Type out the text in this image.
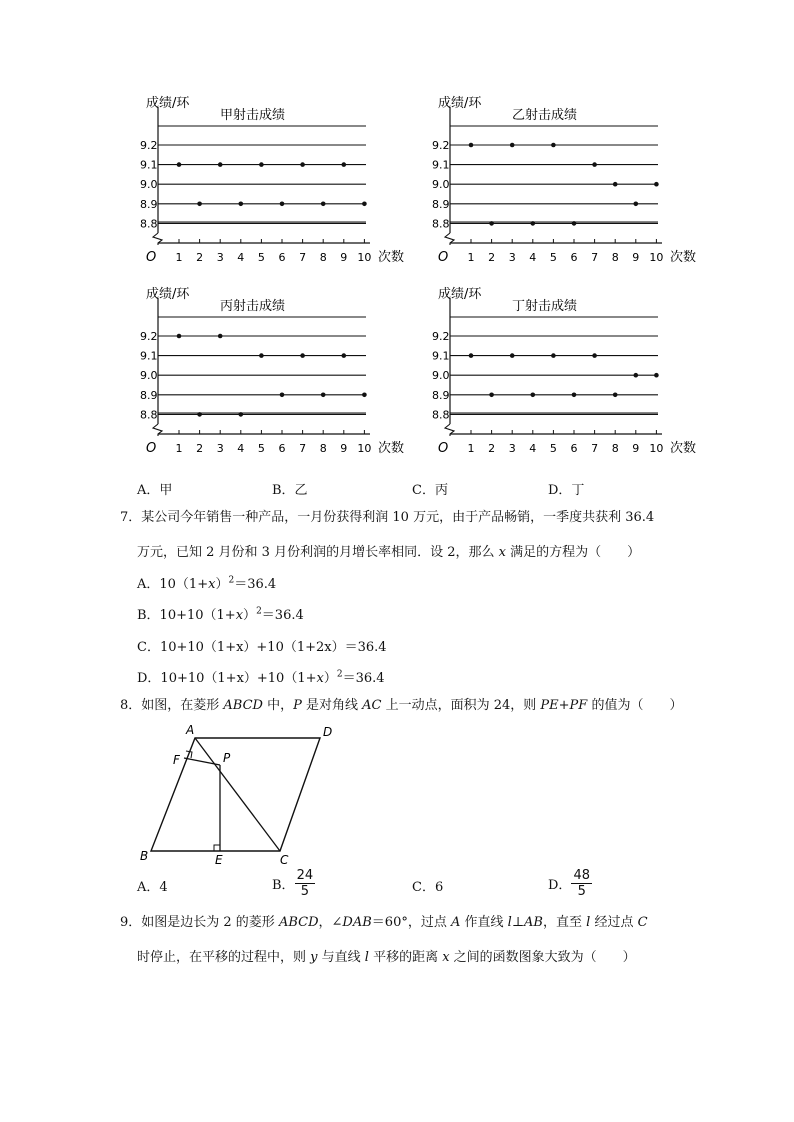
甲射击成绩
成绩/环
9.2
9.1
9.0
8.9
8.8
O 1 2 3 4 5 6 7 8 9 10 次数
乙射击成绩
成绩/环
9.2
9.1
9.0
8.9
8.8
O 1 2 3 4 5 6 7 8 9 10 次数
丙射击成绩
成绩/环
9.2
9.1
9.0
8.9
8.8
O 1 2 3 4 5 6 7 8 9 10 次数
丁射击成绩
成绩/环
9.2
9.1
9.0
8.9
8.8
O 1 2 3 4 5 6 7 8 9 10 次数
A．甲	B．乙	C．丙	D．丁
7．某公司今年销售一种产品，一月份获得利润 10 万元，由于产品畅销，一季度共获利 36.4
万元，已知 2 月份和 3 月份利润的月增长率相同．设 2，那么 x 满足的方程为（　　）
A．$10(1+x)^2=36.4$
B．$10+10(1+x)^2=36.4$
C．10+10（1+x）+10（1+2x）＝36.4
D．$10+10(1+x)+10(1+x)^2=36.4$
8．如图，在菱形 ABCD 中，P 是对角线 AC 上一动点，面积为 24，则 PE+PF 的值为（　　）
A	D
F	P
B	E	C
A．4	B． $\frac{24}{5}$	C．6	D． $\frac{48}{5}$
9．如图是边长为 2 的菱形 ABCD，∠DAB＝60°，过点 A 作直线 l⊥AB，直至 l 经过点 C
时停止，在平移的过程中，则 y 与直线 l 平移的距离 x 之间的函数图象大致为（　　）
